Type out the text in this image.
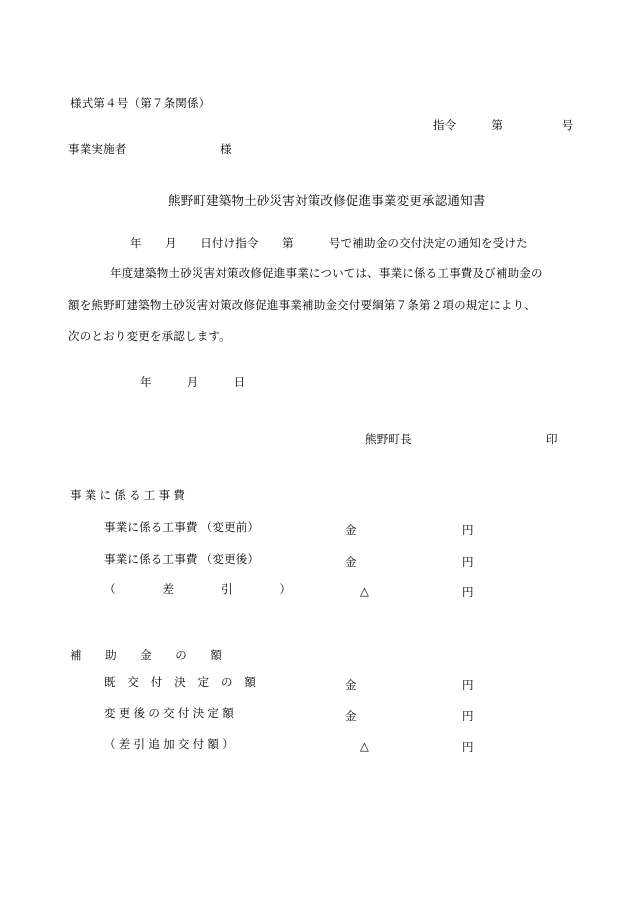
様式第４号（第７条関係）
指令　　　第　　　　　号
事業実施者　　　　　　　　様
熊野町建築物土砂災害対策改修促進事業変更承認通知書
年　　月　　日付け指令　　第　　　号で補助金の交付決定の通知を受けた
年度建築物土砂災害対策改修促進事業については、事業に係る工事費及び補助金の
額を熊野町建築物土砂災害対策改修促進事業補助金交付要綱第７条第２項の規定により、
次のとおり変更を承認します。
年　　　月　　　日
熊野町長	印
事 業 に 係 る 工 事 費
事業に係る工事費 （変更前）	金	円
事業に係る工事費 （変更後）	金	円
（　　　　差　　　　引　　　　）	△	円
補　　助　　金　　の　　額
既　交　付　決　定　の　額	金	円
変 更 後 の 交 付 決 定 額	金	円
（ 差 引 追 加 交 付 額 ）	△	円
